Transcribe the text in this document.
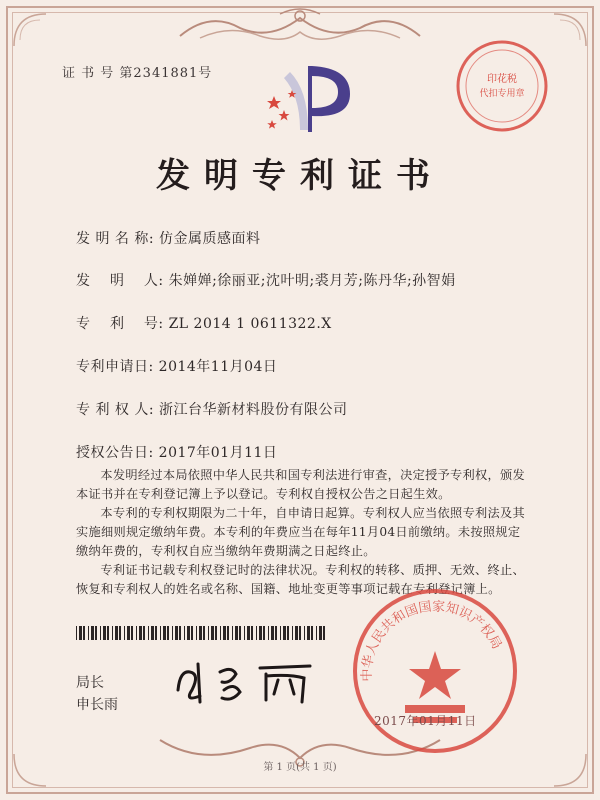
证 书 号 第2341881号	印花税
代扣专用章
发明专利证书
发 明 名 称: 仿金属质感面料
发　 明　 人: 朱婵婵;徐丽亚;沈叶明;裘月芳;陈丹华;孙智娟
专　 利　 号: ZL 2014 1 0611322.X
专利申请日: 2014年11月04日
专 利 权 人: 浙江台华新材料股份有限公司
授权公告日: 2017年01月11日

本发明经过本局依照中华人民共和国专利法进行审查，决定授予专利权，颁发本证书并在专利登记簿上予以登记。专利权自授权公告之日起生效。

本专利的专利权期限为二十年，自申请日起算。专利权人应当依照专利法及其实施细则规定缴纳年费。本专利的年费应当在每年11月04日前缴纳。未按照规定缴纳年费的，专利权自应当缴纳年费期满之日起终止。

专利证书记载专利权登记时的法律状况。专利权的转移、质押、无效、终止、恢复和专利权人的姓名或名称、国籍、地址变更等事项记载在专利登记簿上。

局长
申长雨
中华人民共和国国家知识产权局
2017年01月11日
第 1 页(共 1 页)
